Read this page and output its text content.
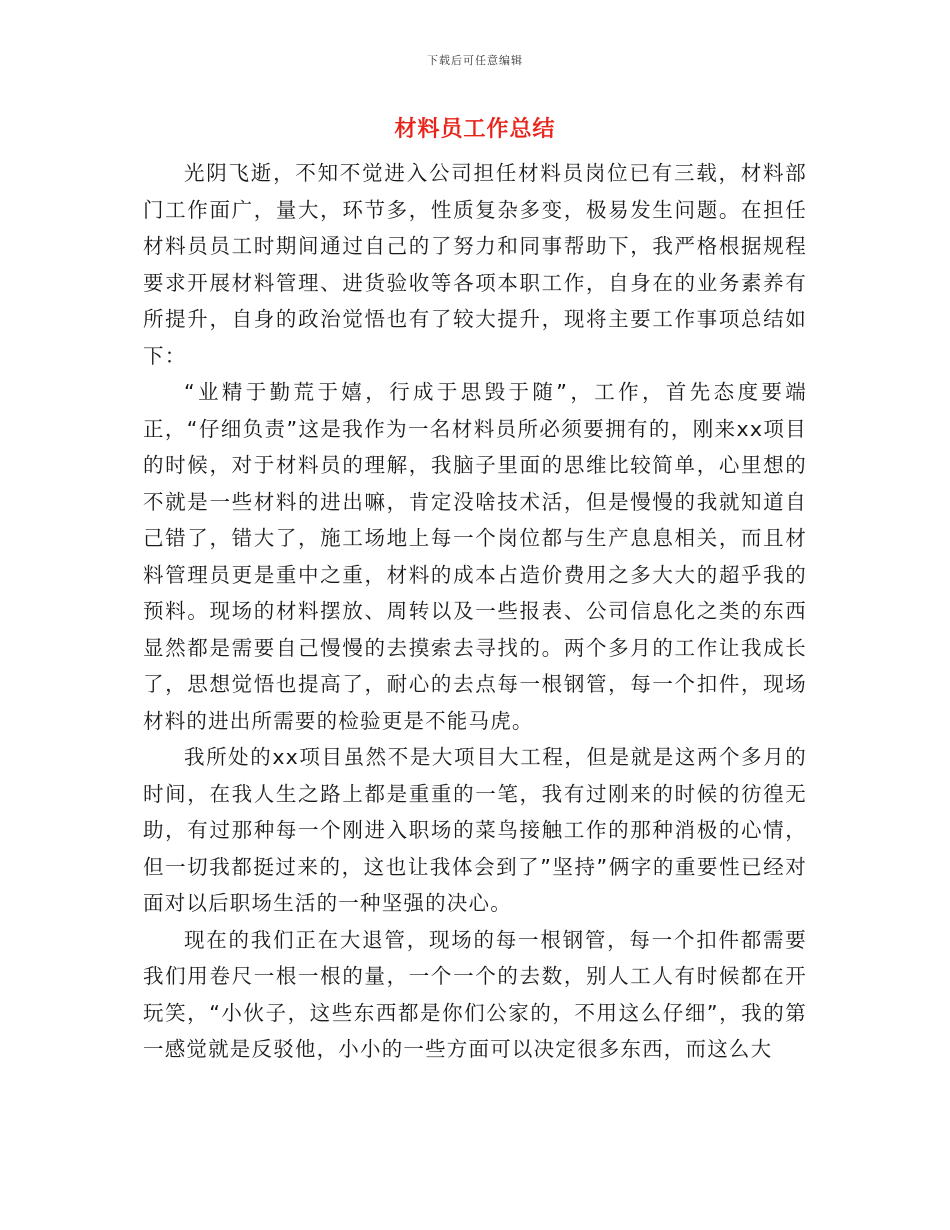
下载后可任意编辑
材料员工作总结

光阴飞逝，不知不觉进入公司担任材料员岗位已有三载，材料部门工作面广，量大，环节多，性质复杂多变，极易发生问题。在担任材料员员工时期间通过自己的了努力和同事帮助下，我严格根据规程要求开展材料管理、进货验收等各项本职工作，自身在的业务素养有所提升，自身的政治觉悟也有了较大提升，现将主要工作事项总结如下：

“业精于勤荒于嬉，行成于思毁于随”，工作，首先态度要端正，“仔细负责”这是我作为一名材料员所必须要拥有的，刚来xx项目的时候，对于材料员的理解，我脑子里面的思维比较简单，心里想的不就是一些材料的进出嘛，肯定没啥技术活，但是慢慢的我就知道自己错了，错大了，施工场地上每一个岗位都与生产息息相关，而且材料管理员更是重中之重，材料的成本占造价费用之多大大的超乎我的预料。现场的材料摆放、周转以及一些报表、公司信息化之类的东西显然都是需要自己慢慢的去摸索去寻找的。两个多月的工作让我成长了，思想觉悟也提高了，耐心的去点每一根钢管，每一个扣件，现场材料的进出所需要的检验更是不能马虎。

我所处的xx项目虽然不是大项目大工程，但是就是这两个多月的时间，在我人生之路上都是重重的一笔，我有过刚来的时候的彷徨无助，有过那种每一个刚进入职场的菜鸟接触工作的那种消极的心情，但一切我都挺过来的，这也让我体会到了”坚持”俩字的重要性已经对面对以后职场生活的一种坚强的决心。

现在的我们正在大退管，现场的每一根钢管，每一个扣件都需要我们用卷尺一根一根的量，一个一个的去数，别人工人有时候都在开玩笑，“小伙子，这些东西都是你们公家的，不用这么仔细”，我的第一感觉就是反驳他，小小的一些方面可以决定很多东西，而这么大
